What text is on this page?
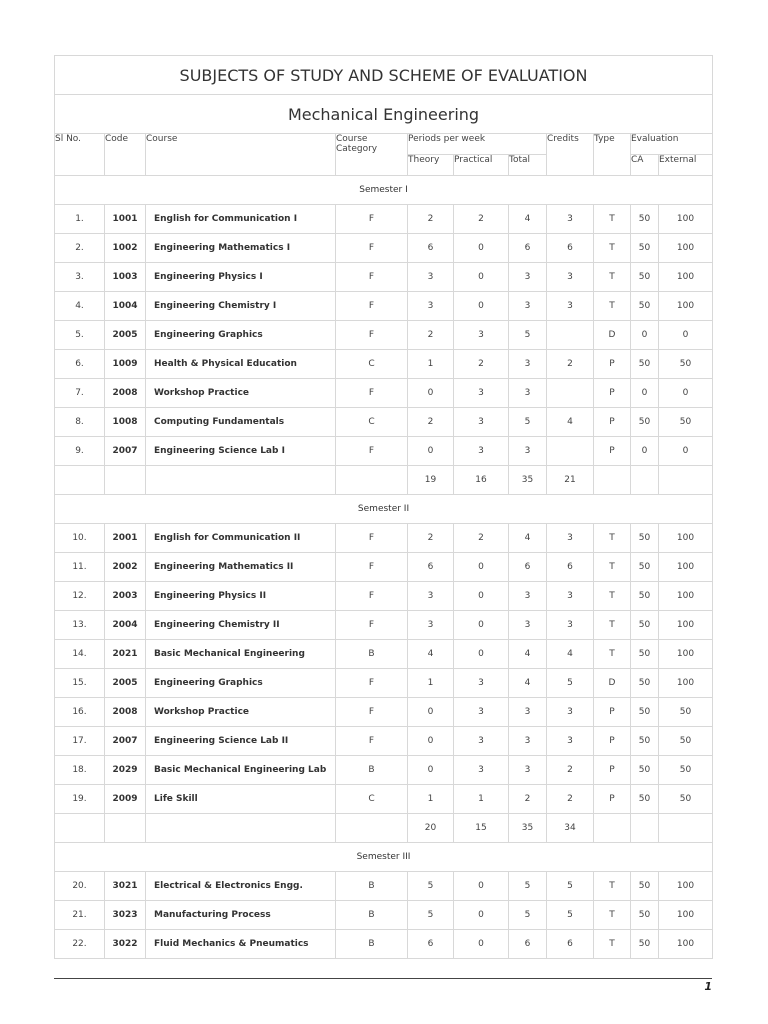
SUBJECTS OF STUDY AND SCHEME OF EVALUATION										
Mechanical Engineering										
Sl No.	Code	Course	Course Category	Periods per week			Credits	Type	Evaluation	
				Theory	Practical	Total			CA	External
Semester I										
1.	1001	English for Communication I	F	2	2	4	3	T	50	100
2.	1002	Engineering Mathematics I	F	6	0	6	6	T	50	100
3.	1003	Engineering Physics I	F	3	0	3	3	T	50	100
4.	1004	Engineering Chemistry I	F	3	0	3	3	T	50	100
5.	2005	Engineering Graphics	F	2	3	5		D	0	0
6.	1009	Health & Physical Education	C	1	2	3	2	P	50	50
7.	2008	Workshop Practice	F	0	3	3		P	0	0
8.	1008	Computing Fundamentals	C	2	3	5	4	P	50	50
9.	2007	Engineering Science Lab I	F	0	3	3		P	0	0
				19	16	35	21			
Semester II										
10.	2001	English for Communication II	F	2	2	4	3	T	50	100
11.	2002	Engineering Mathematics II	F	6	0	6	6	T	50	100
12.	2003	Engineering Physics II	F	3	0	3	3	T	50	100
13.	2004	Engineering Chemistry II	F	3	0	3	3	T	50	100
14.	2021	Basic Mechanical Engineering	B	4	0	4	4	T	50	100
15.	2005	Engineering Graphics	F	1	3	4	5	D	50	100
16.	2008	Workshop Practice	F	0	3	3	3	P	50	50
17.	2007	Engineering Science Lab II	F	0	3	3	3	P	50	50
18.	2029	Basic Mechanical Engineering Lab	B	0	3	3	2	P	50	50
19.	2009	Life Skill	C	1	1	2	2	P	50	50
				20	15	35	34			
Semester III										
20.	3021	Electrical & Electronics Engg.	B	5	0	5	5	T	50	100
21.	3023	Manufacturing Process	B	5	0	5	5	T	50	100
22.	3022	Fluid Mechanics & Pneumatics	B	6	0	6	6	T	50	100
1
